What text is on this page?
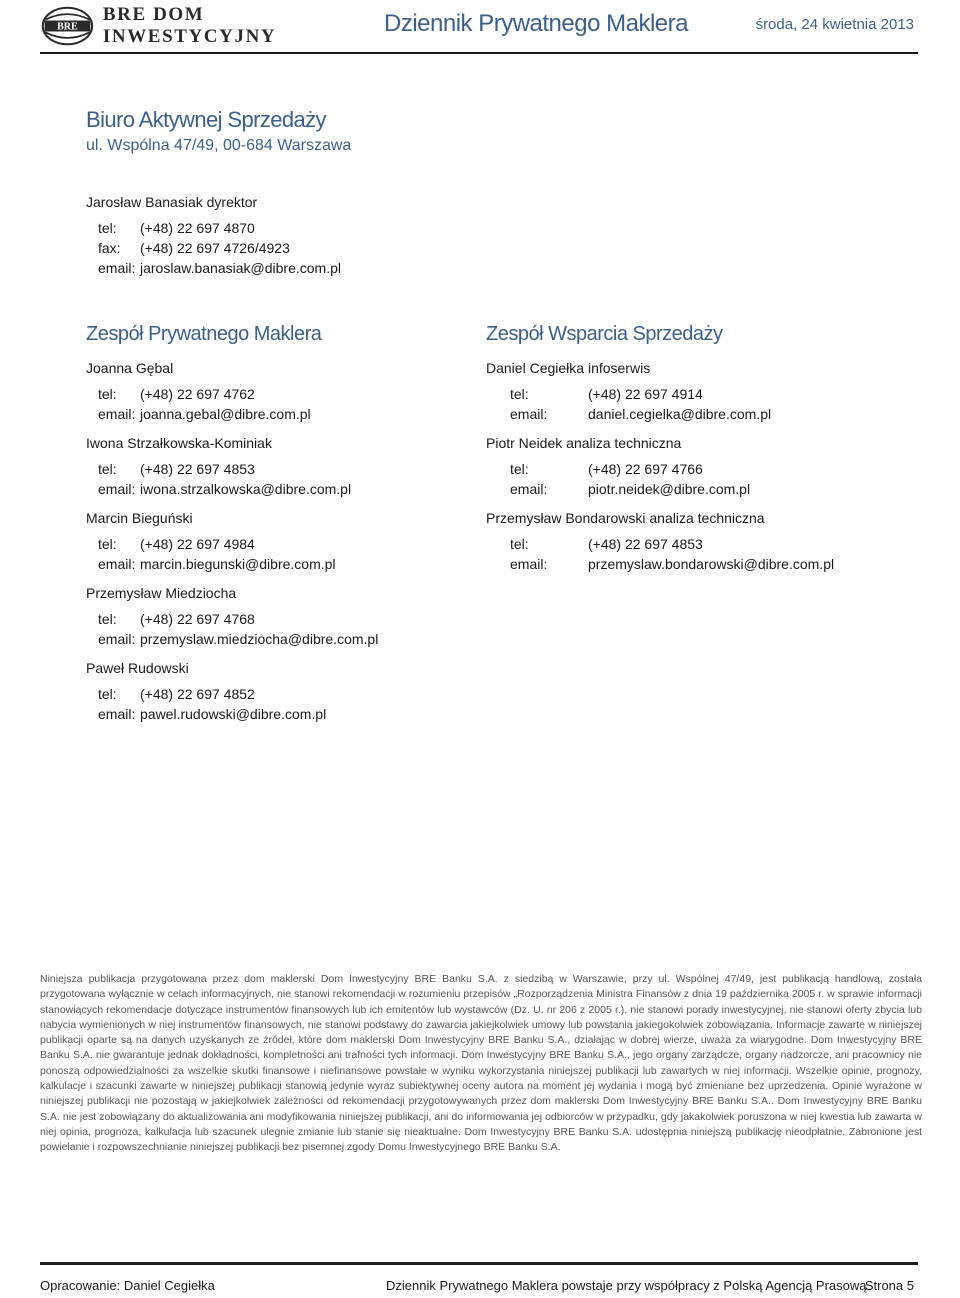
BRE
BRE DOM INWESTYCYJNY	Dziennik Prywatnego Maklera	środa, 24 kwietnia 2013
Biuro Aktywnej Sprzedaży
ul. Wspólna 47/49, 00-684 Warszawa
Jarosław Banasiak dyrektor
tel:	(+48) 22 697 4870
fax:	(+48) 22 697 4726/4923
email: jaroslaw.banasiak@dibre.com.pl
Zespół Prywatnego Maklera
Joanna Gębal
tel:	(+48) 22 697 4762
email: joanna.gebal@dibre.com.pl
Iwona Strzałkowska-Kominiak
tel:	(+48) 22 697 4853
email: iwona.strzalkowska@dibre.com.pl
Marcin Bieguński
tel:	(+48) 22 697 4984
email: marcin.biegunski@dibre.com.pl
Przemysław Miedziocha
tel:	(+48) 22 697 4768
email: przemyslaw.miedziocha@dibre.com.pl
Paweł Rudowski
tel:	(+48) 22 697 4852
email: pawel.rudowski@dibre.com.pl
Zespół Wsparcia Sprzedaży
Daniel Cegiełka infoserwis
tel:	(+48) 22 697 4914
email:	daniel.cegielka@dibre.com.pl
Piotr Neidek analiza techniczna
tel:	(+48) 22 697 4766
email:	piotr.neidek@dibre.com.pl
Przemysław Bondarowski analiza techniczna
tel:	(+48) 22 697 4853
email:	przemyslaw.bondarowski@dibre.com.pl
Niniejsza publikacja przygotowana przez dom maklerski Dom Inwestycyjny BRE Banku S.A. z siedzibą w Warszawie, przy ul. Wspólnej 47/49, jest publikacją handlową, została przygotowana wyłącznie w celach informacyjnych, nie stanowi rekomendacji w rozumieniu przepisów „Rozporządzenia Ministra Finansów z dnia 19 października 2005 r. w sprawie informacji stanowiących rekomendacje dotyczące instrumentów finansowych lub ich emitentów lub wystawców (Dz. U. nr 206 z 2005 r.), nie stanowi porady inwestycyjnej, nie stanowi oferty zbycia lub nabycia wymienionych w niej instrumentów finansowych, nie stanowi podstawy do zawarcia jakiejkolwiek umowy lub powstania jakiegokolwiek zobowiązania. Informacje zawarte w niniejszej publikacji oparte są na danych uzyskanych ze źródeł, które dom maklerski Dom Inwestycyjny BRE Banku S.A., działając w dobrej wierze, uważa za wiarygodne. Dom Inwestycyjny BRE Banku S.A. nie gwarantuje jednak dokładności, kompletności ani trafności tych informacji. Dom Inwestycyjny BRE Banku S.A., jego organy zarządcze, organy nadzorcze, ani pracownicy nie ponoszą odpowiedzialności za wszelkie skutki finansowe i niefinansowe powstałe w wyniku wykorzystania niniejszej publikacji lub zawartych w niej informacji. Wszelkie opinie, prognozy, kalkulacje i szacunki zawarte w niniejszej publikacji stanowią jedynie wyraz subiektywnej oceny autora na moment jej wydania i mogą być zmieniane bez uprzedzenia. Opinie wyrażone w niniejszej publikacji nie pozostają w jakiejkolwiek zależności od rekomendacji przygotowywanych przez dom maklerski Dom Inwestycyjny BRE Banku S.A.. Dom Inwestycyjny BRE Banku S.A. nie jest zobowiązany do aktualizowania ani modyfikowania niniejszej publikacji, ani do informowania jej odbiorców w przypadku, gdy jakakolwiek poruszona w niej kwestia lub zawarta w niej opinia, prognoza, kalkulacja lub szacunek ulegnie zmianie lub stanie się nieaktualne. Dom Inwestycyjny BRE Banku S.A. udostępnia niniejszą publikację nieodpłatnie. Zabronione jest powielanie i rozpowszechnianie niniejszej publikacji bez pisemnej zgody Domu Inwestycyjnego BRE Banku S.A.
Opracowanie: Daniel Cegiełka	Dziennik Prywatnego Maklera powstaje przy współpracy z Polską Agencją Prasową
Strona 5
